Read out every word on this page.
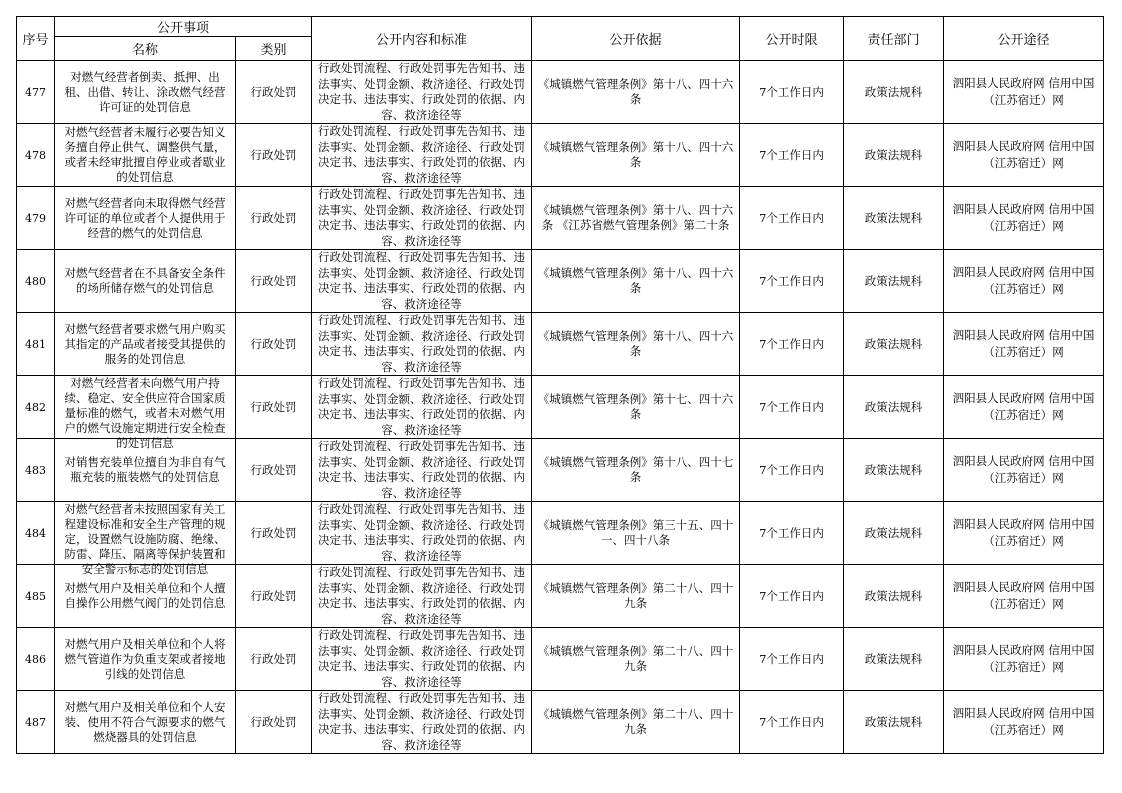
序号	公开事项		公开内容和标准	公开依据	公开时限	责任部门	公开途径
	名称	类别					

477	对燃气经营者倒卖、抵押、出租、出借、转让、涂改燃气经营许可证的处罚信息	行政处罚	行政处罚流程、行政处罚事先告知书、违法事实、处罚金额、救济途径、行政处罚决定书、违法事实、行政处罚的依据、内容、救济途径等	《城镇燃气管理条例》第十八、四十六条	7个工作日内	政策法规科	泗阳县人民政府网 信用中国（江苏宿迁）网

478	对燃气经营者未履行必要告知义务擅自停止供气、调整供气量，或者未经审批擅自停业或者歇业的处罚信息	行政处罚	行政处罚流程、行政处罚事先告知书、违法事实、处罚金额、救济途径、行政处罚决定书、违法事实、行政处罚的依据、内容、救济途径等	《城镇燃气管理条例》第十八、四十六条	7个工作日内	政策法规科	泗阳县人民政府网 信用中国（江苏宿迁）网

479	对燃气经营者向未取得燃气经营许可证的单位或者个人提供用于经营的燃气的处罚信息	行政处罚	行政处罚流程、行政处罚事先告知书、违法事实、处罚金额、救济途径、行政处罚决定书、违法事实、行政处罚的依据、内容、救济途径等	《城镇燃气管理条例》第十八、四十六条 《江苏省燃气管理条例》第二十条	7个工作日内	政策法规科	泗阳县人民政府网 信用中国（江苏宿迁）网

480	对燃气经营者在不具备安全条件的场所储存燃气的处罚信息	行政处罚	行政处罚流程、行政处罚事先告知书、违法事实、处罚金额、救济途径、行政处罚决定书、违法事实、行政处罚的依据、内容、救济途径等	《城镇燃气管理条例》第十八、四十六条	7个工作日内	政策法规科	泗阳县人民政府网 信用中国（江苏宿迁）网

481	对燃气经营者要求燃气用户购买其指定的产品或者接受其提供的服务的处罚信息	行政处罚	行政处罚流程、行政处罚事先告知书、违法事实、处罚金额、救济途径、行政处罚决定书、违法事实、行政处罚的依据、内容、救济途径等	《城镇燃气管理条例》第十八、四十六条	7个工作日内	政策法规科	泗阳县人民政府网 信用中国（江苏宿迁）网

482	对燃气经营者未向燃气用户持续、稳定、安全供应符合国家质量标准的燃气，或者未对燃气用户的燃气设施定期进行安全检查的处罚信息	行政处罚	行政处罚流程、行政处罚事先告知书、违法事实、处罚金额、救济途径、行政处罚决定书、违法事实、行政处罚的依据、内容、救济途径等	《城镇燃气管理条例》第十七、四十六条	7个工作日内	政策法规科	泗阳县人民政府网 信用中国（江苏宿迁）网

483	对销售充装单位擅自为非自有气瓶充装的瓶装燃气的处罚信息	行政处罚	行政处罚流程、行政处罚事先告知书、违法事实、处罚金额、救济途径、行政处罚决定书、违法事实、行政处罚的依据、内容、救济途径等	《城镇燃气管理条例》第十八、四十七条	7个工作日内	政策法规科	泗阳县人民政府网 信用中国（江苏宿迁）网

484	对燃气经营者未按照国家有关工程建设标准和安全生产管理的规定，设置燃气设施防腐、绝缘、防雷、降压、隔离等保护装置和安全警示标志的处罚信息	行政处罚	行政处罚流程、行政处罚事先告知书、违法事实、处罚金额、救济途径、行政处罚决定书、违法事实、行政处罚的依据、内容、救济途径等	《城镇燃气管理条例》第三十五、四十一、四十八条	7个工作日内	政策法规科	泗阳县人民政府网 信用中国（江苏宿迁）网

485	对燃气用户及相关单位和个人擅自操作公用燃气阀门的处罚信息	行政处罚	行政处罚流程、行政处罚事先告知书、违法事实、处罚金额、救济途径、行政处罚决定书、违法事实、行政处罚的依据、内容、救济途径等	《城镇燃气管理条例》第二十八、四十九条	7个工作日内	政策法规科	泗阳县人民政府网 信用中国（江苏宿迁）网

486	对燃气用户及相关单位和个人将燃气管道作为负重支架或者接地引线的处罚信息	行政处罚	行政处罚流程、行政处罚事先告知书、违法事实、处罚金额、救济途径、行政处罚决定书、违法事实、行政处罚的依据、内容、救济途径等	《城镇燃气管理条例》第二十八、四十九条	7个工作日内	政策法规科	泗阳县人民政府网 信用中国（江苏宿迁）网

487	对燃气用户及相关单位和个人安装、使用不符合气源要求的燃气燃烧器具的处罚信息	行政处罚	行政处罚流程、行政处罚事先告知书、违法事实、处罚金额、救济途径、行政处罚决定书、违法事实、行政处罚的依据、内容、救济途径等	《城镇燃气管理条例》第二十八、四十九条	7个工作日内	政策法规科	泗阳县人民政府网 信用中国（江苏宿迁）网
